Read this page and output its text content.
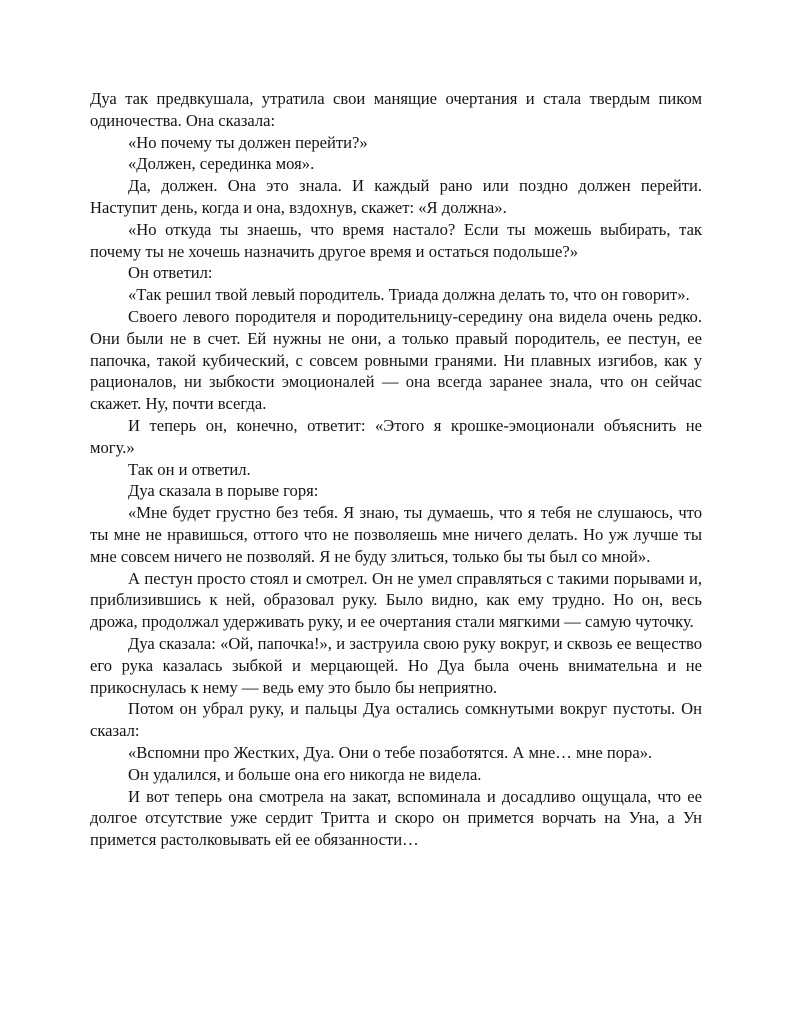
Дуа так предвкушала, утратила свои манящие очертания и стала твердым пиком одиночества. Она сказала:

«Но почему ты должен перейти?»

«Должен, серединка моя».

Да, должен. Она это знала. И каждый рано или поздно должен перейти. Наступит день, когда и она, вздохнув, скажет: «Я должна».

«Но откуда ты знаешь, что время настало? Если ты можешь выбирать, так почему ты не хочешь назначить другое время и остаться подольше?»

Он ответил:

«Так решил твой левый породитель. Триада должна делать то, что он говорит».

Своего левого породителя и породительницу-середину она видела очень редко. Они были не в счет. Ей нужны не они, а только правый породитель, ее пестун, ее папочка, такой кубический, с совсем ровными гранями. Ни плавных изгибов, как у рационалов, ни зыбкости эмоционалей — она всегда заранее знала, что он сейчас скажет. Ну, почти всегда.

И теперь он, конечно, ответит: «Этого я крошке-эмоционали объяснить не могу.»

Так он и ответил.

Дуа сказала в порыве горя:

«Мне будет грустно без тебя. Я знаю, ты думаешь, что я тебя не слушаюсь, что ты мне не нравишься, оттого что не позволяешь мне ничего делать. Но уж лучше ты мне совсем ничего не позволяй. Я не буду злиться, только бы ты был со мной».

А пестун просто стоял и смотрел. Он не умел справляться с такими порывами и, приблизившись к ней, образовал руку. Было видно, как ему трудно. Но он, весь дрожа, продолжал удерживать руку, и ее очертания стали мягкими — самую чуточку.

Дуа сказала: «Ой, папочка!», и заструила свою руку вокруг, и сквозь ее вещество его рука казалась зыбкой и мерцающей. Но Дуа была очень внимательна и не прикоснулась к нему — ведь ему это было бы неприятно.

Потом он убрал руку, и пальцы Дуа остались сомкнутыми вокруг пустоты. Он сказал:

«Вспомни про Жестких, Дуа. Они о тебе позаботятся. А мне… мне пора».

Он удалился, и больше она его никогда не видела.

И вот теперь она смотрела на закат, вспоминала и досадливо ощущала, что ее долгое отсутствие уже сердит Тритта и скоро он примется ворчать на Уна, а Ун примется растолковывать ей ее обязанности…
